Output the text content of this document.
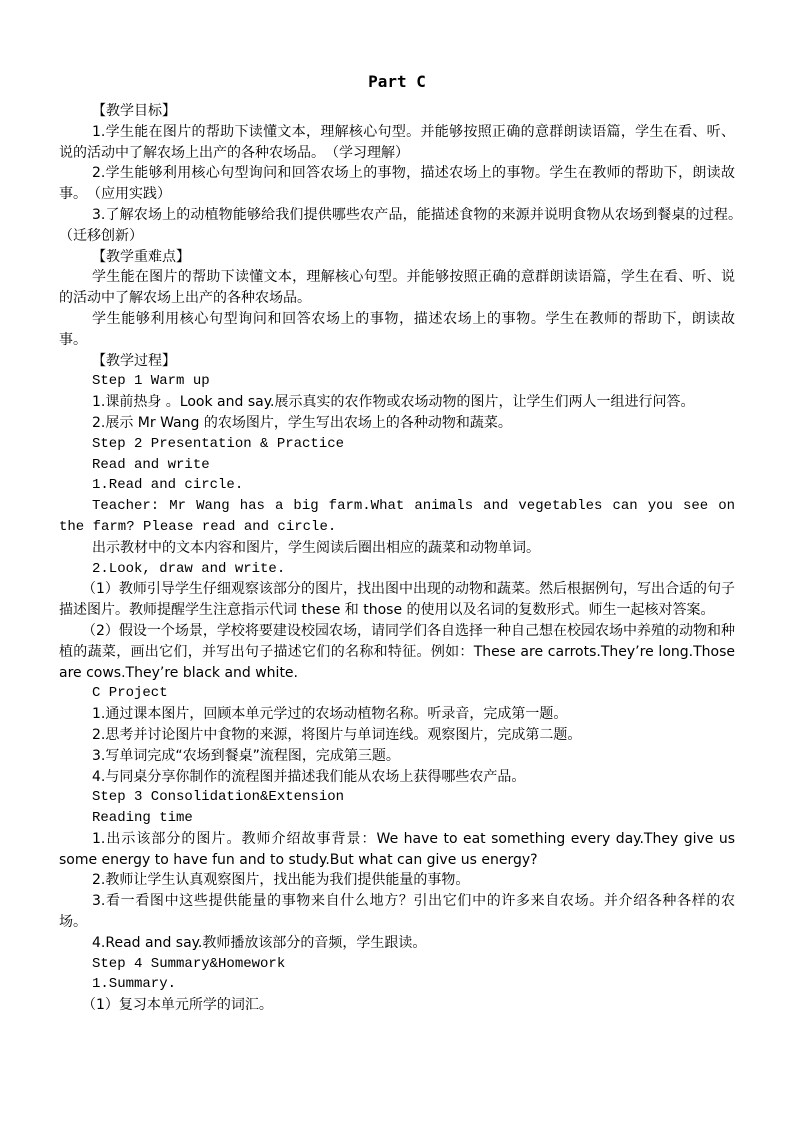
Part C

【教学目标】

1.学生能在图片的帮助下读懂文本，理解核心句型。并能够按照正确的意群朗读语篇，学生在看、听、说的活动中了解农场上出产的各种农场品。　（学习理解）

2.学生能够利用核心句型询问和回答农场上的事物，描述农场上的事物。学生在教师的帮助下，朗读故事。　（应用实践）

3.了解农场上的动植物能够给我们提供哪些农产品，能描述食物的来源并说明食物从农场到餐桌的过程。　（迁移创新）

【教学重难点】

学生能在图片的帮助下读懂文本，理解核心句型。并能够按照正确的意群朗读语篇，学生在看、听、说的活动中了解农场上出产的各种农场品。

学生能够利用核心句型询问和回答农场上的事物，描述农场上的事物。学生在教师的帮助下，朗读故事。

【教学过程】

Step 1 Warm up

1.课前热身 。Look and say.展示真实的农作物或农场动物的图片，让学生们两人一组进行问答。

2.展示 Mr Wang 的农场图片，学生写出农场上的各种动物和蔬菜。

Step 2 Presentation & Practice

Read and write

1.Read and circle.

Teacher: Mr Wang has a big farm.What animals and vegetables can you see on the farm? Please read and circle.

出示教材中的文本内容和图片，学生阅读后圈出相应的蔬菜和动物单词。

2.Look, draw and write.

（1）教师引导学生仔细观察该部分的图片，找出图中出现的动物和蔬菜。然后根据例句，写出合适的句子描述图片。教师提醒学生注意指示代词 these 和 those 的使用以及名词的复数形式。师生一起核对答案。

（2）假设一个场景，学校将要建设校园农场，请同学们各自选择一种自己想在校园农场中养殖的动物和种植的蔬菜，画出它们，并写出句子描述它们的名称和特征。例如：These are carrots.They’re long.Those are cows.They’re black and white.

C Project

1.通过课本图片，回顾本单元学过的农场动植物名称。听录音，完成第一题。

2.思考并讨论图片中食物的来源，将图片与单词连线。观察图片，完成第二题。

3.写单词完成“农场到餐桌”流程图，完成第三题。

4.与同桌分享你制作的流程图并描述我们能从农场上获得哪些农产品。

Step 3 Consolidation&Extension

Reading time

1.出示该部分的图片。教师介绍故事背景：We have to eat something every day.They give us some energy to have fun and to study.But what can give us energy?

2.教师让学生认真观察图片，找出能为我们提供能量的事物。

3.看一看图中这些提供能量的事物来自什么地方？引出它们中的许多来自农场。并介绍各种各样的农场。

4.Read and say.教师播放该部分的音频，学生跟读。

Step 4 Summary&Homework

1.Summary.

（1）复习本单元所学的词汇。
